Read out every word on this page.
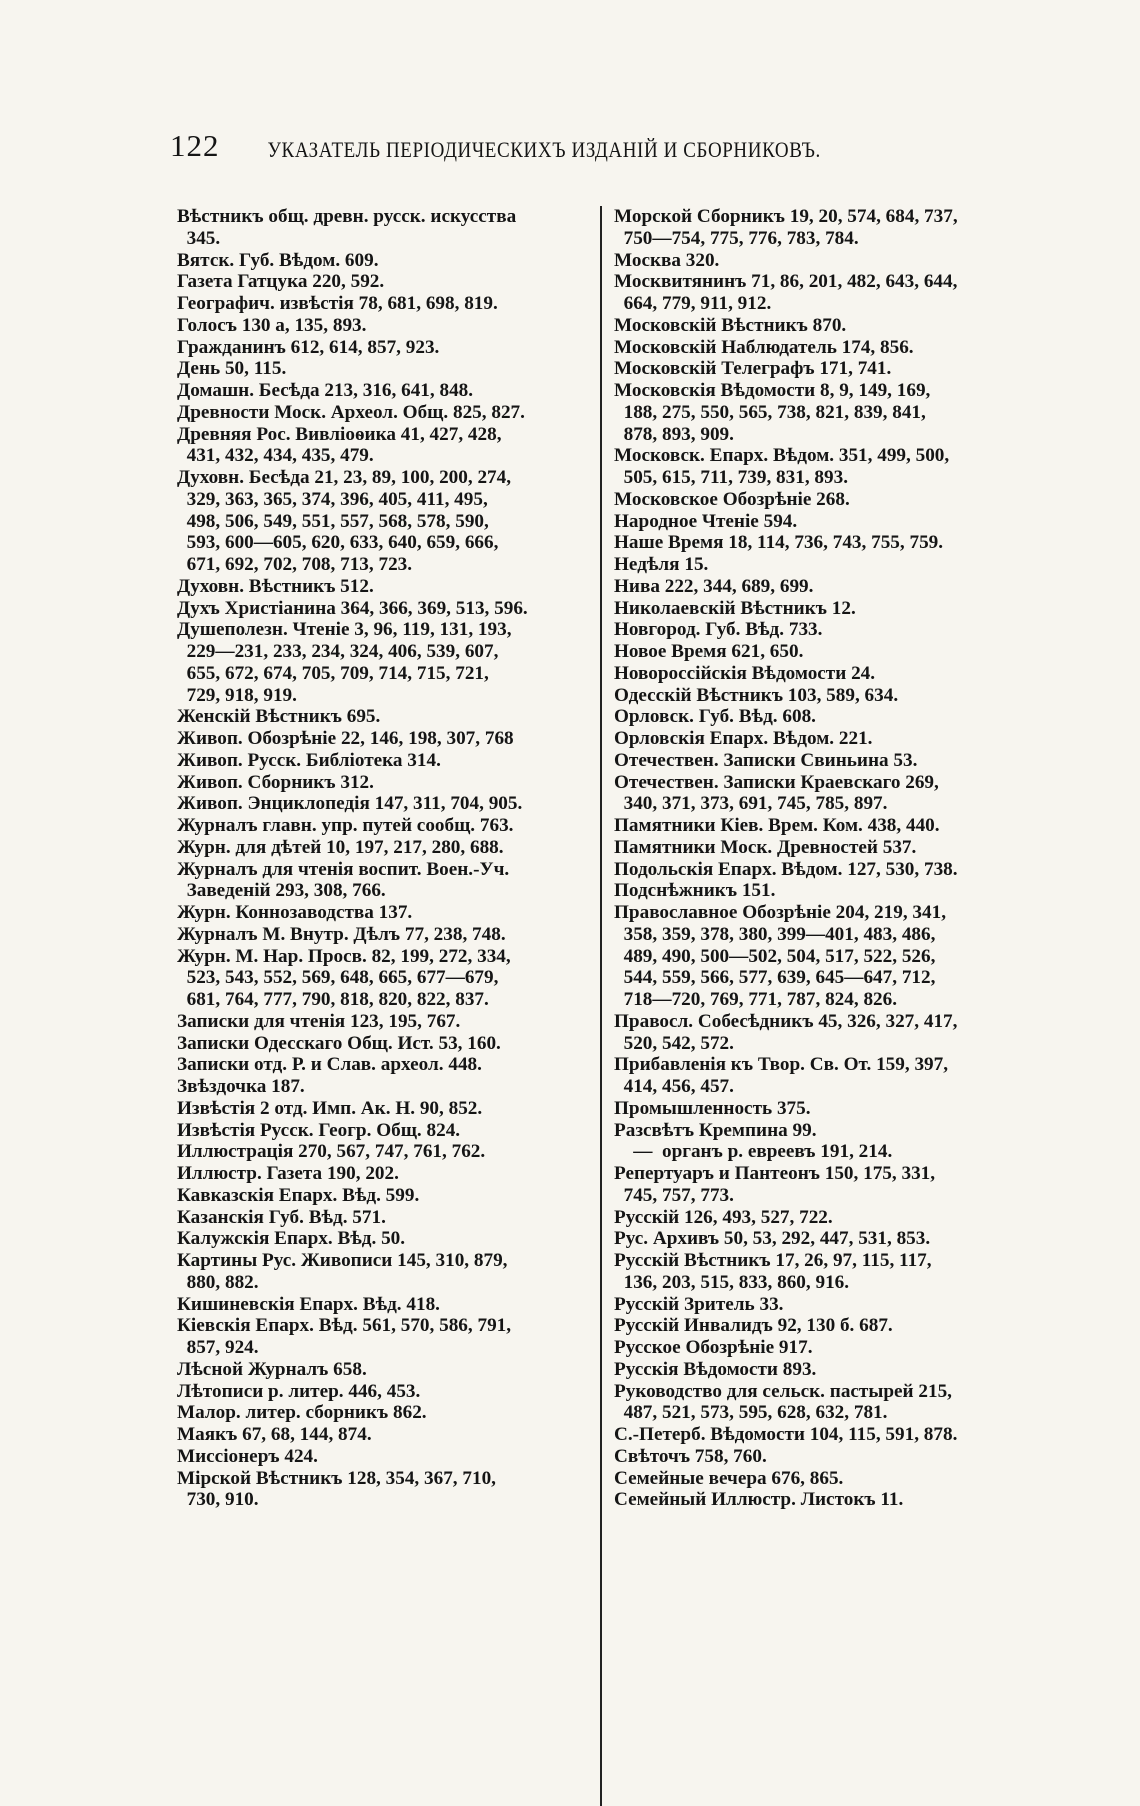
122	УКАЗАТЕЛЬ ПЕРІОДИЧЕСКИХЪ ИЗДАНІЙ И СБОРНИКОВЪ.
Вѣстникъ общ. древн. русск. искусства
345.
Вятск. Губ. Вѣдом. 609.
Газета Гатцука 220, 592.
Географич. извѣстія 78, 681, 698, 819.
Голосъ 130 а, 135, 893.
Гражданинъ 612, 614, 857, 923.
День 50, 115.
Домашн. Бесѣда 213, 316, 641, 848.
Древности Моск. Археол. Общ. 825, 827.
Древняя Рос. Вивліоѳика 41, 427, 428,
431, 432, 434, 435, 479.
Духовн. Бесѣда 21, 23, 89, 100, 200, 274,
329, 363, 365, 374, 396, 405, 411, 495,
498, 506, 549, 551, 557, 568, 578, 590,
593, 600—605, 620, 633, 640, 659, 666,
671, 692, 702, 708, 713, 723.
Духовн. Вѣстникъ 512.
Духъ Христіанина 364, 366, 369, 513, 596.
Душеполезн. Чтеніе 3, 96, 119, 131, 193,
229—231, 233, 234, 324, 406, 539, 607,
655, 672, 674, 705, 709, 714, 715, 721,
729, 918, 919.
Женскій Вѣстникъ 695.
Живоп. Обозрѣніе 22, 146, 198, 307, 768
Живоп. Русск. Библіотека 314.
Живоп. Сборникъ 312.
Живоп. Энциклопедія 147, 311, 704, 905.
Журналъ главн. упр. путей сообщ. 763.
Журн. для дѣтей 10, 197, 217, 280, 688.
Журналъ для чтенія воспит. Воен.-Уч.
Заведеній 293, 308, 766.
Журн. Коннозаводства 137.
Журналъ М. Внутр. Дѣлъ 77, 238, 748.
Журн. М. Нар. Просв. 82, 199, 272, 334,
523, 543, 552, 569, 648, 665, 677—679,
681, 764, 777, 790, 818, 820, 822, 837.
Записки для чтенія 123, 195, 767.
Записки Одесскаго Общ. Ист. 53, 160.
Записки отд. Р. и Слав. археол. 448.
Звѣздочка 187.
Извѣстія 2 отд. Имп. Ак. Н. 90, 852.
Извѣстія Русск. Геогр. Общ. 824.
Иллюстрація 270, 567, 747, 761, 762.
Иллюстр. Газета 190, 202.
Кавказскія Епарх. Вѣд. 599.
Казанскія Губ. Вѣд. 571.
Калужскія Епарх. Вѣд. 50.
Картины Рус. Живописи 145, 310, 879,
880, 882.
Кишиневскія Епарх. Вѣд. 418.
Кіевскія Епарх. Вѣд. 561, 570, 586, 791,
857, 924.
Лѣсной Журналъ 658.
Лѣтописи р. литер. 446, 453.
Малор. литер. сборникъ 862.
Маякъ 67, 68, 144, 874.
Миссіонеръ 424.
Мірской Вѣстникъ 128, 354, 367, 710,
730, 910.
Морской Сборникъ 19, 20, 574, 684, 737,
750—754, 775, 776, 783, 784.
Москва 320.
Москвитянинъ 71, 86, 201, 482, 643, 644,
664, 779, 911, 912.
Московскій Вѣстникъ 870.
Московскій Наблюдатель 174, 856.
Московскій Телеграфъ 171, 741.
Московскія Вѣдомости 8, 9, 149, 169,
188, 275, 550, 565, 738, 821, 839, 841,
878, 893, 909.
Московск. Епарх. Вѣдом. 351, 499, 500,
505, 615, 711, 739, 831, 893.
Московское Обозрѣніе 268.
Народное Чтеніе 594.
Наше Время 18, 114, 736, 743, 755, 759.
Недѣля 15.
Нива 222, 344, 689, 699.
Николаевскій Вѣстникъ 12.
Новгород. Губ. Вѣд. 733.
Новое Время 621, 650.
Новороссійскія Вѣдомости 24.
Одесскій Вѣстникъ 103, 589, 634.
Орловск. Губ. Вѣд. 608.
Орловскія Епарх. Вѣдом. 221.
Отечествен. Записки Свиньина 53.
Отечествен. Записки Краевскаго 269,
340, 371, 373, 691, 745, 785, 897.
Памятники Кіев. Врем. Ком. 438, 440.
Памятники Моск. Древностей 537.
Подольскія Епарх. Вѣдом. 127, 530, 738.
Подснѣжникъ 151.
Православное Обозрѣніе 204, 219, 341,
358, 359, 378, 380, 399—401, 483, 486,
489, 490, 500—502, 504, 517, 522, 526,
544, 559, 566, 577, 639, 645—647, 712,
718—720, 769, 771, 787, 824, 826.
Правосл. Собесѣдникъ 45, 326, 327, 417,
520, 542, 572.
Прибавленія къ Твор. Св. От. 159, 397,
414, 456, 457.
Промышленность 375.
Разсвѣтъ Кремпина 99.
—  органъ р. евреевъ 191, 214.
Репертуаръ и Пантеонъ 150, 175, 331,
745, 757, 773.
Русскій 126, 493, 527, 722.
Рус. Архивъ 50, 53, 292, 447, 531, 853.
Русскій Вѣстникъ 17, 26, 97, 115, 117,
136, 203, 515, 833, 860, 916.
Русскій Зритель 33.
Русскій Инвалидъ 92, 130 б. 687.
Русское Обозрѣніе 917.
Русскія Вѣдомости 893.
Руководство для сельск. пастырей 215,
487, 521, 573, 595, 628, 632, 781.
С.-Петерб. Вѣдомости 104, 115, 591, 878.
Свѣточъ 758, 760.
Семейные вечера 676, 865.
Семейный Иллюстр. Листокъ 11.
